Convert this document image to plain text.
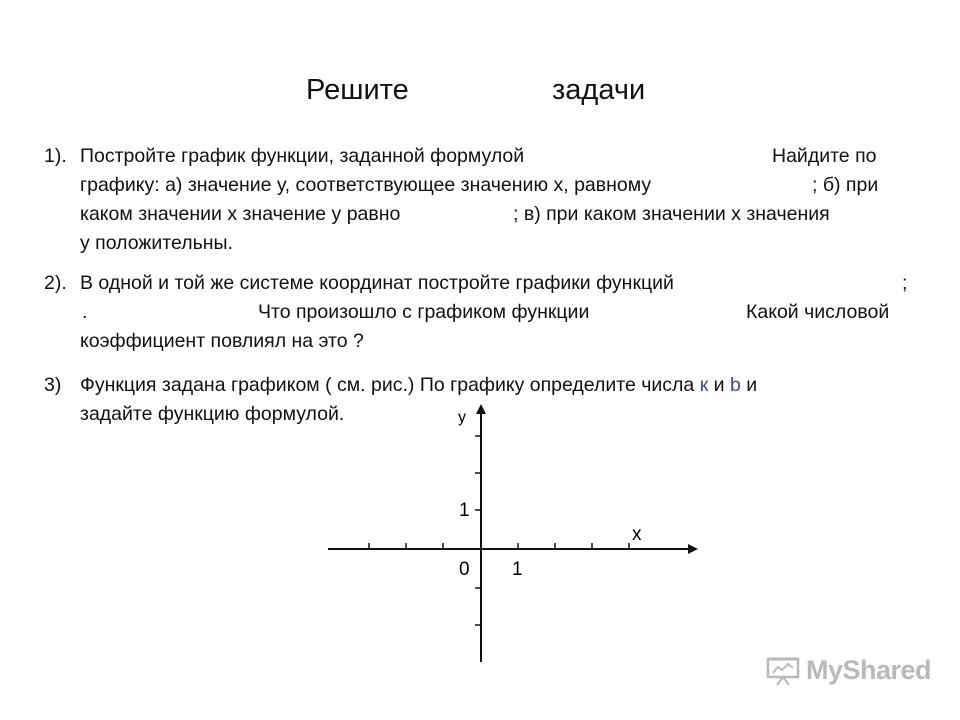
Решите	задачи
1). Постройте график функции, заданной формулой	Найдите по
графику: а) значение у, соответствующее значению х, равному	; б) при
каком значении х значение у равно	; в) при каком значении х значения
у положительны.
2). В одной и той же системе координат постройте графики функций	;
.	Что произошло с графиком функции	Какой числовой
коэффициент повлиял на это ?
3) Функция задана графиком ( см. рис.) По графику определите числа к и b и
задайте функцию формулой.	у
х
1
0 1
MyShared
